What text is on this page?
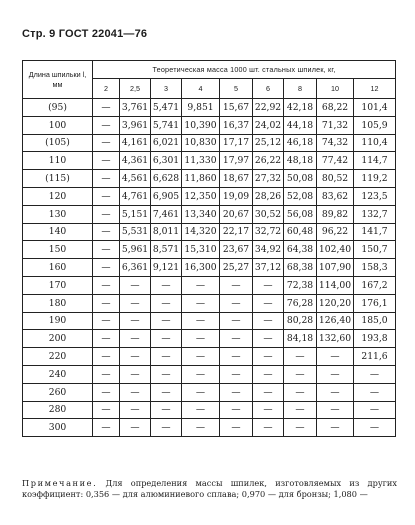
Стр. 9 ГОСТ 22041—76
Длина шпильки l,
мм	Теоретическая масса 1000 шт. стальных шпилек, кг,								
	2	2,5	3	4	5	6	8	10	12
(95)	—	3,761	5,471	9,851	15,67	22,92	42,18	68,22	101,4
100	—	3,961	5,741	10,390	16,37	24,02	44,18	71,32	105,9
(105)	—	4,161	6,021	10,830	17,17	25,12	46,18	74,32	110,4
110	—	4,361	6,301	11,330	17,97	26,22	48,18	77,42	114,7
(115)	—	4,561	6,628	11,860	18,67	27,32	50,08	80,52	119,2
120	—	4,761	6,905	12,350	19,09	28,26	52,08	83,62	123,5
130	—	5,151	7,461	13,340	20,67	30,52	56,08	89,82	132,7
140	—	5,531	8,011	14,320	22,17	32,72	60,48	96,22	141,7
150	—	5,961	8,571	15,310	23,67	34,92	64,38	102,40	150,7
160	—	6,361	9,121	16,300	25,27	37,12	68,38	107,90	158,3
170	—	—	—	—	—	—	72,38	114,00	167,2
180	—	—	—	—	—	—	76,28	120,20	176,1
190	—	—	—	—	—	—	80,28	126,40	185,0
200	—	—	—	—	—	—	84,18	132,60	193,8
220	—	—	—	—	—	—	—	—	211,6
240	—	—	—	—	—	—	—	—	—
260	—	—	—	—	—	—	—	—	—
280	—	—	—	—	—	—	—	—	—
300	—	—	—	—	—	—	—	—	—
Примечание. Для определения массы шпилек, изготовляемых из других коэффициент: 0,356 — для алюминиевого сплава; 0,970 — для бронзы; 1,080 —
